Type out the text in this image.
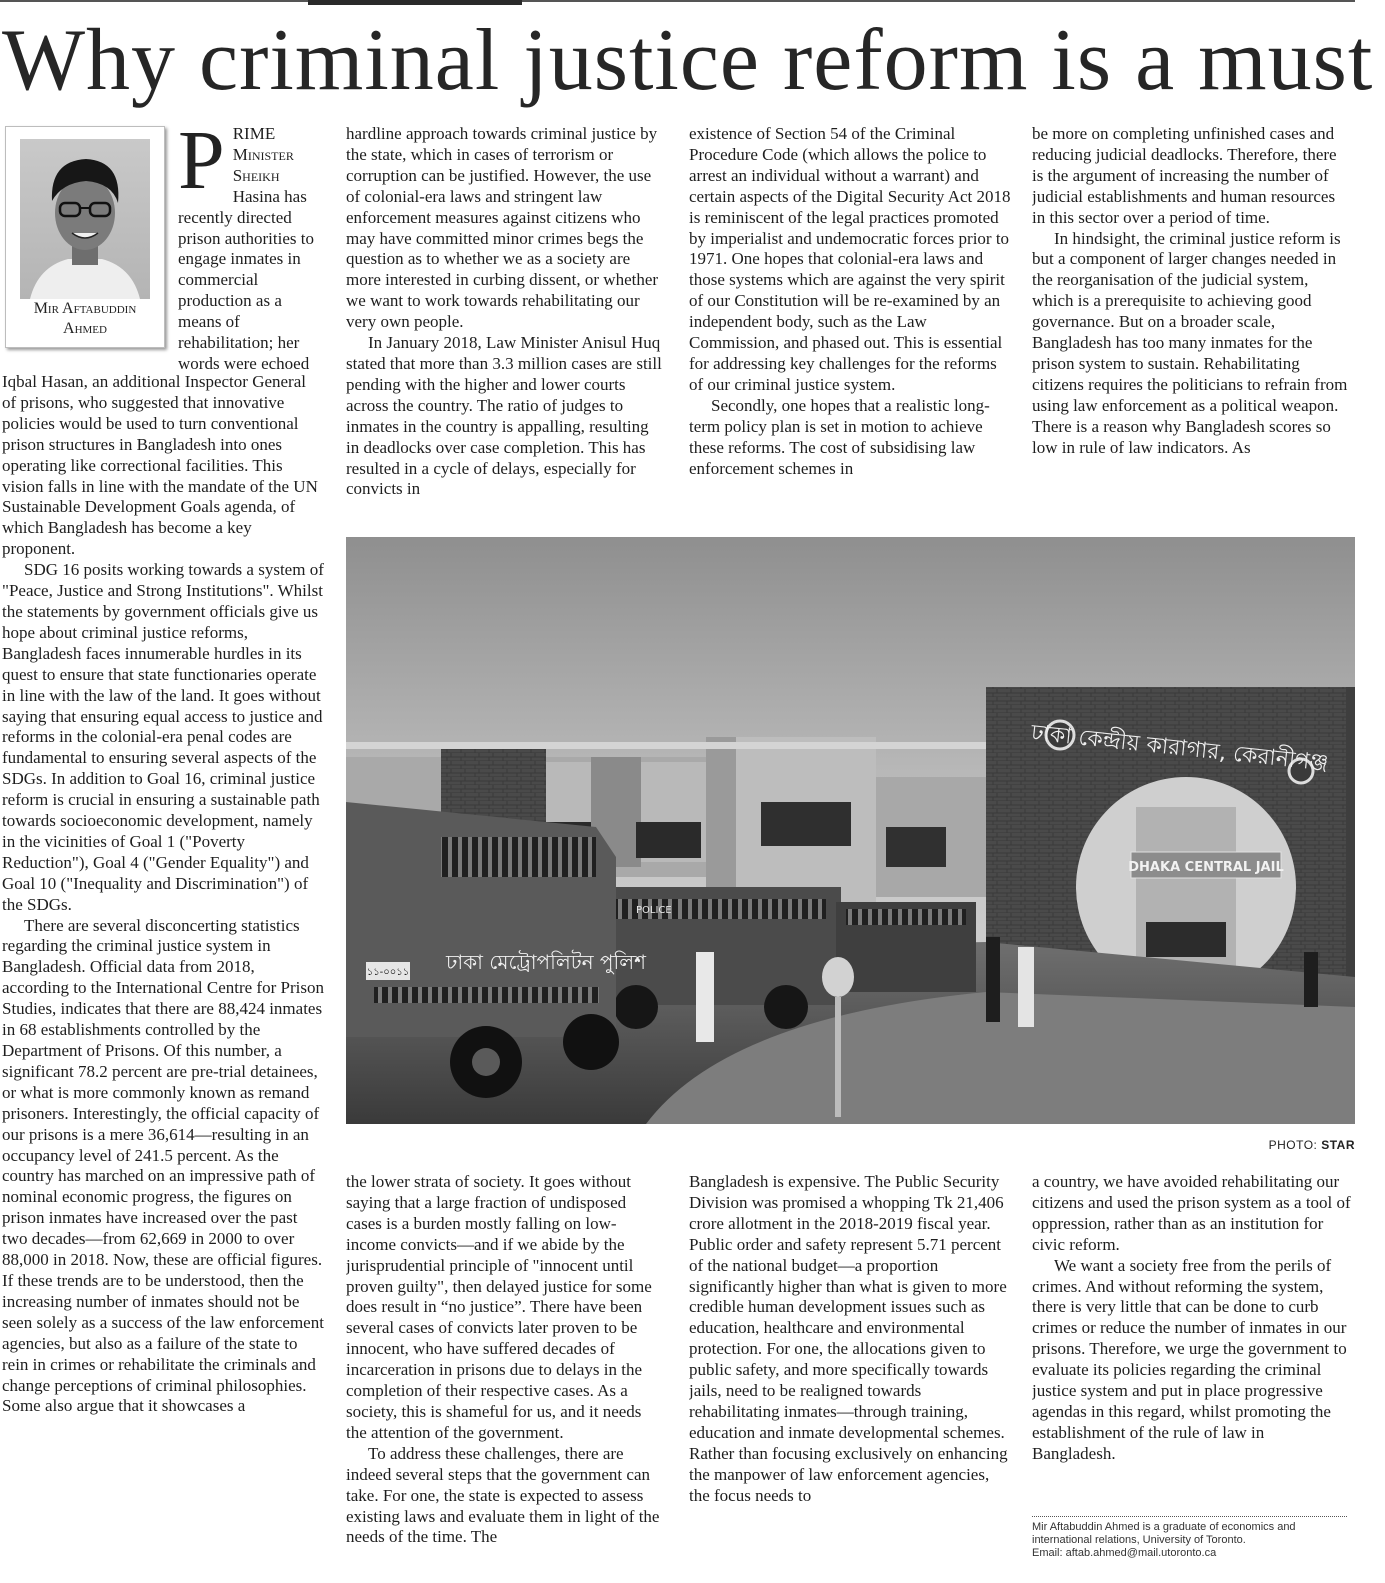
Why criminal justice reform is a must
Mir Aftabuddin
Ahmed

PRIME Minister Sheikh Hasina has recently directed prison authorities to engage inmates in commercial production as a means of rehabilitation; her words were echoed

Iqbal Hasan, an additional Inspector General of prisons, who suggested that innovative policies would be used to turn conventional prison structures in Bangladesh into ones operating like correctional facilities. This vision falls in line with the mandate of the UN Sustainable Development Goals agenda, of which Bangladesh has become a key proponent.

SDG 16 posits working towards a system of "Peace, Justice and Strong Institutions". Whilst the statements by government officials give us hope about criminal justice reforms, Bangladesh faces innumerable hurdles in its quest to ensure that state functionaries operate in line with the law of the land. It goes without saying that ensuring equal access to justice and reforms in the colonial-era penal codes are fundamental to ensuring several aspects of the SDGs. In addition to Goal 16, criminal justice reform is crucial in ensuring a sustainable path towards socioeconomic development, namely in the vicinities of Goal 1 ("Poverty Reduction"), Goal 4 ("Gender Equality") and Goal 10 ("Inequality and Discrimination") of the SDGs.

There are several disconcerting statistics regarding the criminal justice system in Bangladesh. Official data from 2018, according to the International Centre for Prison Studies, indicates that there are 88,424 inmates in 68 establishments controlled by the Department of Prisons. Of this number, a significant 78.2 percent are pre-trial detainees, or what is more commonly known as remand prisoners. Interestingly, the official capacity of our prisons is a mere 36,614—resulting in an occupancy level of 241.5 percent. As the country has marched on an impressive path of nominal economic progress, the figures on prison inmates have increased over the past two decades—from 62,669 in 2000 to over 88,000 in 2018. Now, these are official figures. If these trends are to be understood, then the increasing number of inmates should not be seen solely as a success of the law enforcement agencies, but also as a failure of the state to rein in crimes or rehabilitate the criminals and change perceptions of criminal philosophies. Some also argue that it showcases a

hardline approach towards criminal justice by the state, which in cases of terrorism or corruption can be justified. However, the use of colonial-era laws and stringent law enforcement measures against citizens who may have committed minor crimes begs the question as to whether we as a society are more interested in curbing dissent, or whether we want to work towards rehabilitating our very own people.

In January 2018, Law Minister Anisul Huq stated that more than 3.3 million cases are still pending with the higher and lower courts across the country. The ratio of judges to inmates in the country is appalling, resulting in deadlocks over case completion. This has resulted in a cycle of delays, especially for convicts in

existence of Section 54 of the Criminal Procedure Code (which allows the police to arrest an individual without a warrant) and certain aspects of the Digital Security Act 2018 is reminiscent of the legal practices promoted by imperialist and undemocratic forces prior to 1971. One hopes that colonial-era laws and those systems which are against the very spirit of our Constitution will be re-examined by an independent body, such as the Law Commission, and phased out. This is essential for addressing key challenges for the reforms of our criminal justice system.

Secondly, one hopes that a realistic long-term policy plan is set in motion to achieve these reforms. The cost of subsidising law enforcement schemes in

be more on completing unfinished cases and reducing judicial deadlocks. Therefore, there is the argument of increasing the number of judicial establishments and human resources in this sector over a period of time.

In hindsight, the criminal justice reform is but a component of larger changes needed in the reorganisation of the judicial system, which is a prerequisite to achieving good governance. But on a broader scale, Bangladesh has too many inmates for the prison system to sustain. Rehabilitating citizens requires the politicians to refrain from using law enforcement as a political weapon. There is a reason why Bangladesh scores so low in rule of law indicators. As

DHAKA CENTRAL JAIL
ঢাকা কেন্দ্রীয় কারাগার, কেরানীগঞ্জ
POLICE
১১-০০১১ ঢাকা মেট্রোপলিটন পুলিশ
PHOTO: STAR

the lower strata of society. It goes without saying that a large fraction of undisposed cases is a burden mostly falling on low-income convicts—and if we abide by the jurisprudential principle of "innocent until proven guilty", then delayed justice for some does result in “no justice”. There have been several cases of convicts later proven to be innocent, who have suffered decades of incarceration in prisons due to delays in the completion of their respective cases. As a society, this is shameful for us, and it needs the attention of the government.

To address these challenges, there are indeed several steps that the government can take. For one, the state is expected to assess existing laws and evaluate them in light of the needs of the time. The

Bangladesh is expensive. The Public Security Division was promised a whopping Tk 21,406 crore allotment in the 2018-2019 fiscal year. Public order and safety represent 5.71 percent of the national budget—a proportion significantly higher than what is given to more credible human development issues such as education, healthcare and environmental protection. For one, the allocations given to public safety, and more specifically towards jails, need to be realigned towards rehabilitating inmates—through training, education and inmate developmental schemes. Rather than focusing exclusively on enhancing the manpower of law enforcement agencies, the focus needs to

a country, we have avoided rehabilitating our citizens and used the prison system as a tool of oppression, rather than as an institution for civic reform.

We want a society free from the perils of crimes. And without reforming the system, there is very little that can be done to curb crimes or reduce the number of inmates in our prisons. Therefore, we urge the government to evaluate its policies regarding the criminal justice system and put in place progressive agendas in this regard, whilst promoting the establishment of the rule of law in Bangladesh.

Mir Aftabuddin Ahmed is a graduate of economics and
international relations, University of Toronto.
Email: aftab.ahmed@mail.utoronto.ca
